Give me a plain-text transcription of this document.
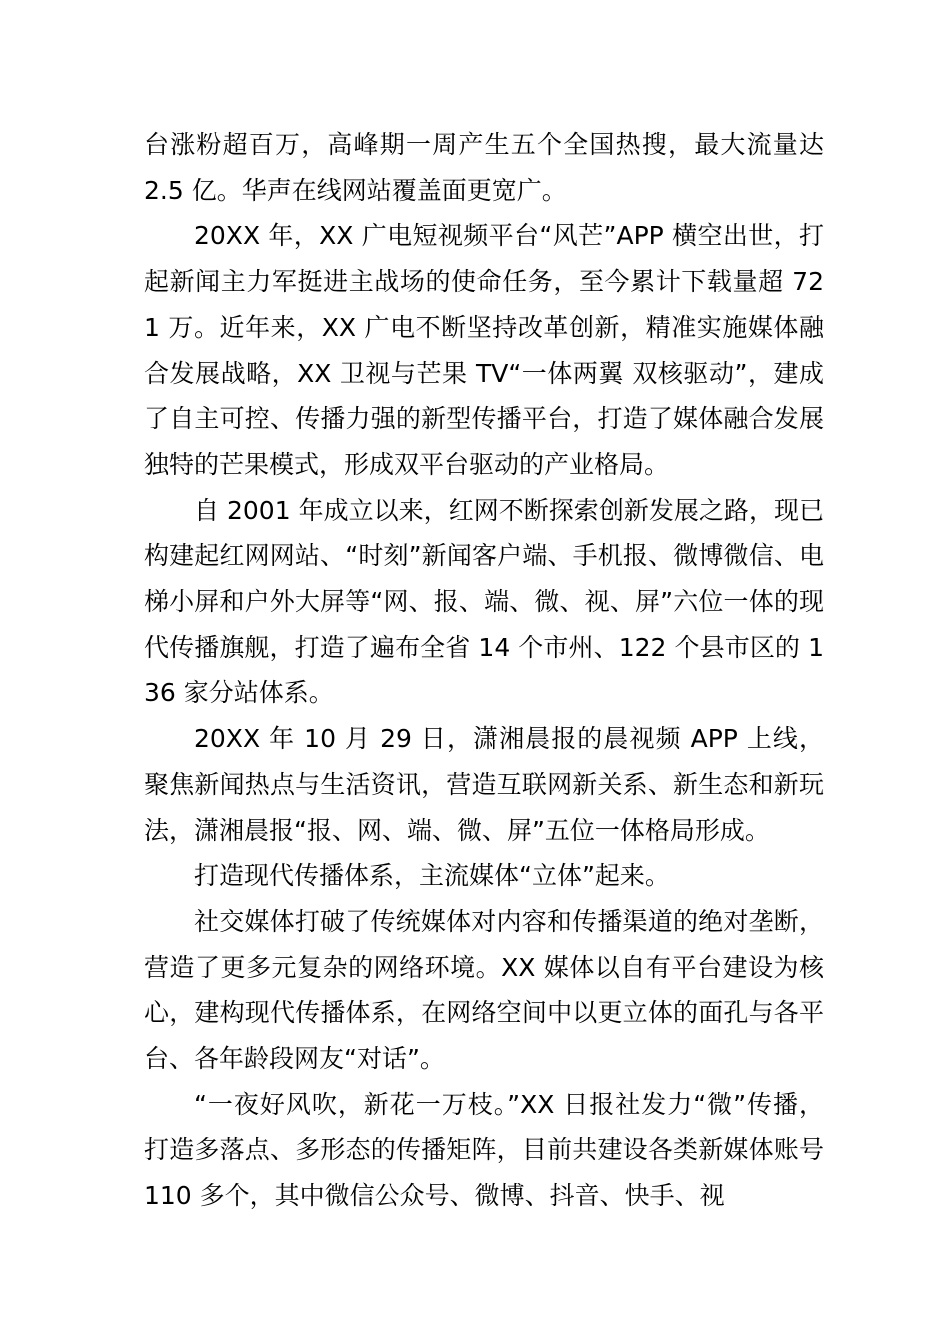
台涨粉超百万，高峰期一周产生五个全国热搜，最大流量达 2.5 亿。华声在线网站覆盖面更宽广。

20XX 年，XX 广电短视频平台“风芒”APP 横空出世，打起新闻主力军挺进主战场的使命任务，至今累计下载量超 721 万。近年来，XX 广电不断坚持改革创新，精准实施媒体融合发展战略，XX 卫视与芒果 TV“一体两翼 双核驱动”，建成了自主可控、传播力强的新型传播平台，打造了媒体融合发展独特的芒果模式，形成双平台驱动的产业格局。

自 2001 年成立以来，红网不断探索创新发展之路，现已构建起红网网站、“时刻”新闻客户端、手机报、微博微信、电梯小屏和户外大屏等“网、报、端、微、视、屏”六位一体的现代传播旗舰，打造了遍布全省 14 个市州、122 个县市区的 136 家分站体系。

20XX 年 10 月 29 日，潇湘晨报的晨视频 APP 上线，聚焦新闻热点与生活资讯，营造互联网新关系、新生态和新玩法，潇湘晨报“报、网、端、微、屏”五位一体格局形成。

打造现代传播体系，主流媒体“立体”起来。

社交媒体打破了传统媒体对内容和传播渠道的绝对垄断，营造了更多元复杂的网络环境。XX 媒体以自有平台建设为核心，建构现代传播体系，在网络空间中以更立体的面孔与各平台、各年龄段网友“对话”。

“一夜好风吹，新花一万枝。”XX 日报社发力“微”传播，打造多落点、多形态的传播矩阵，目前共建设各类新媒体账号 110 多个，其中微信公众号、微博、抖音、快手、视
